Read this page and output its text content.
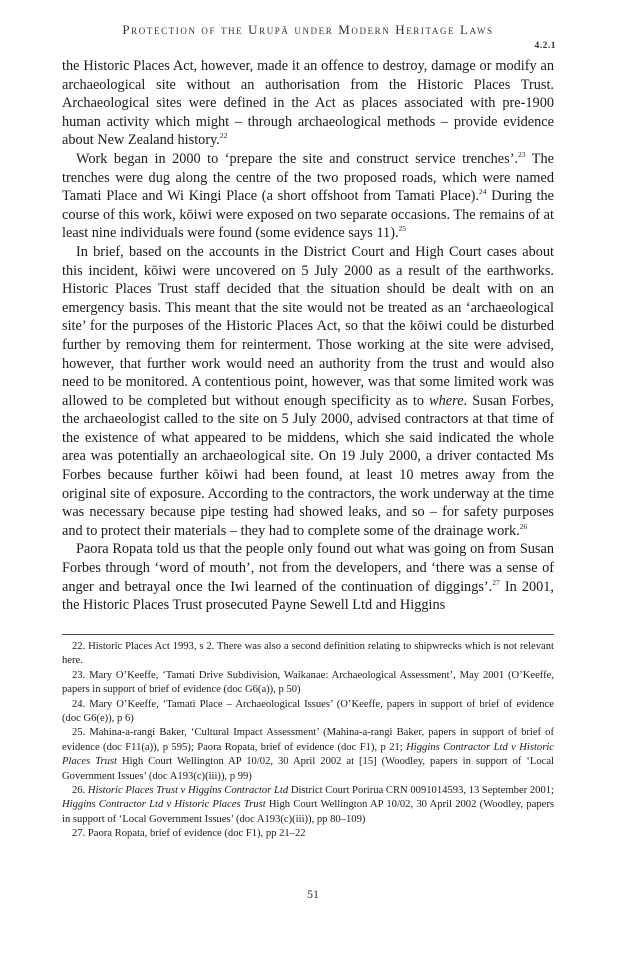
Protection of the Urupā under Modern Heritage Laws
4.2.1

the Historic Places Act, however, made it an offence to destroy, damage or modify an archaeological site without an authorisation from the Historic Places Trust. Archaeological sites were defined in the Act as places associated with pre-1900 human activity which might – through archaeological methods – provide evidence about New Zealand history.$^{22}$

Work began in 2000 to ‘prepare the site and construct service trenches’.$^{23}$ The trenches were dug along the centre of the two proposed roads, which were named Tamati Place and Wi Kingi Place (a short offshoot from Tamati Place).$^{24}$ During the course of this work, kōiwi were exposed on two separate occasions. The remains of at least nine individuals were found (some evidence says 11).$^{25}$

In brief, based on the accounts in the District Court and High Court cases about this incident, kōiwi were uncovered on 5 July 2000 as a result of the earthworks. Historic Places Trust staff decided that the situation should be dealt with on an emergency basis. This meant that the site would not be treated as an ‘archaeological site’ for the purposes of the Historic Places Act, so that the kōiwi could be disturbed further by removing them for reinterment. Those working at the site were advised, however, that further work would need an authority from the trust and would also need to be monitored. A contentious point, however, was that some limited work was allowed to be completed but without enough specificity as to where. Susan Forbes, the archaeologist called to the site on 5 July 2000, advised contractors at that time of the existence of what appeared to be middens, which she said indicated the whole area was potentially an archaeological site. On 19 July 2000, a driver contacted Ms Forbes because further kōiwi had been found, at least 10 metres away from the original site of exposure. According to the contractors, the work underway at the time was necessary because pipe testing had showed leaks, and so – for safety purposes and to protect their materials – they had to complete some of the drainage work.$^{26}$

Paora Ropata told us that the people only found out what was going on from Susan Forbes through ‘word of mouth’, not from the developers, and ‘there was a sense of anger and betrayal once the Iwi learned of the continuation of diggings’.$^{27}$ In 2001, the Historic Places Trust prosecuted Payne Sewell Ltd and Higgins

22. Historic Places Act 1993, s 2. There was also a second definition relating to shipwrecks which is not relevant here.

23. Mary O’Keeffe, ‘Tamati Drive Subdivision, Waikanae: Archaeological Assessment’, May 2001 (O’Keeffe, papers in support of brief of evidence (doc G6(a)), p 50)

24. Mary O’Keeffe, ‘Tamati Place – Archaeological Issues’ (O’Keeffe, papers in support of brief of evidence (doc G6(e)), p 6)

25. Mahina-a-rangi Baker, ‘Cultural Impact Assessment’ (Mahina-a-rangi Baker, papers in support of brief of evidence (doc F11(a)), p 595); Paora Ropata, brief of evidence (doc F1), p 21; Higgins Contractor Ltd v Historic Places Trust High Court Wellington AP 10/02, 30 April 2002 at [15] (Woodley, papers in support of ‘Local Government Issues’ (doc A193(c)(iii)), p 99)

26. Historic Places Trust v Higgins Contractor Ltd District Court Porirua CRN 0091014593, 13 September 2001; Higgins Contractor Ltd v Historic Places Trust High Court Wellington AP 10/02, 30 April 2002 (Woodley, papers in support of ‘Local Government Issues’ (doc A193(c)(iii)), pp 80–109)

27. Paora Ropata, brief of evidence (doc F1), pp 21–22

51
